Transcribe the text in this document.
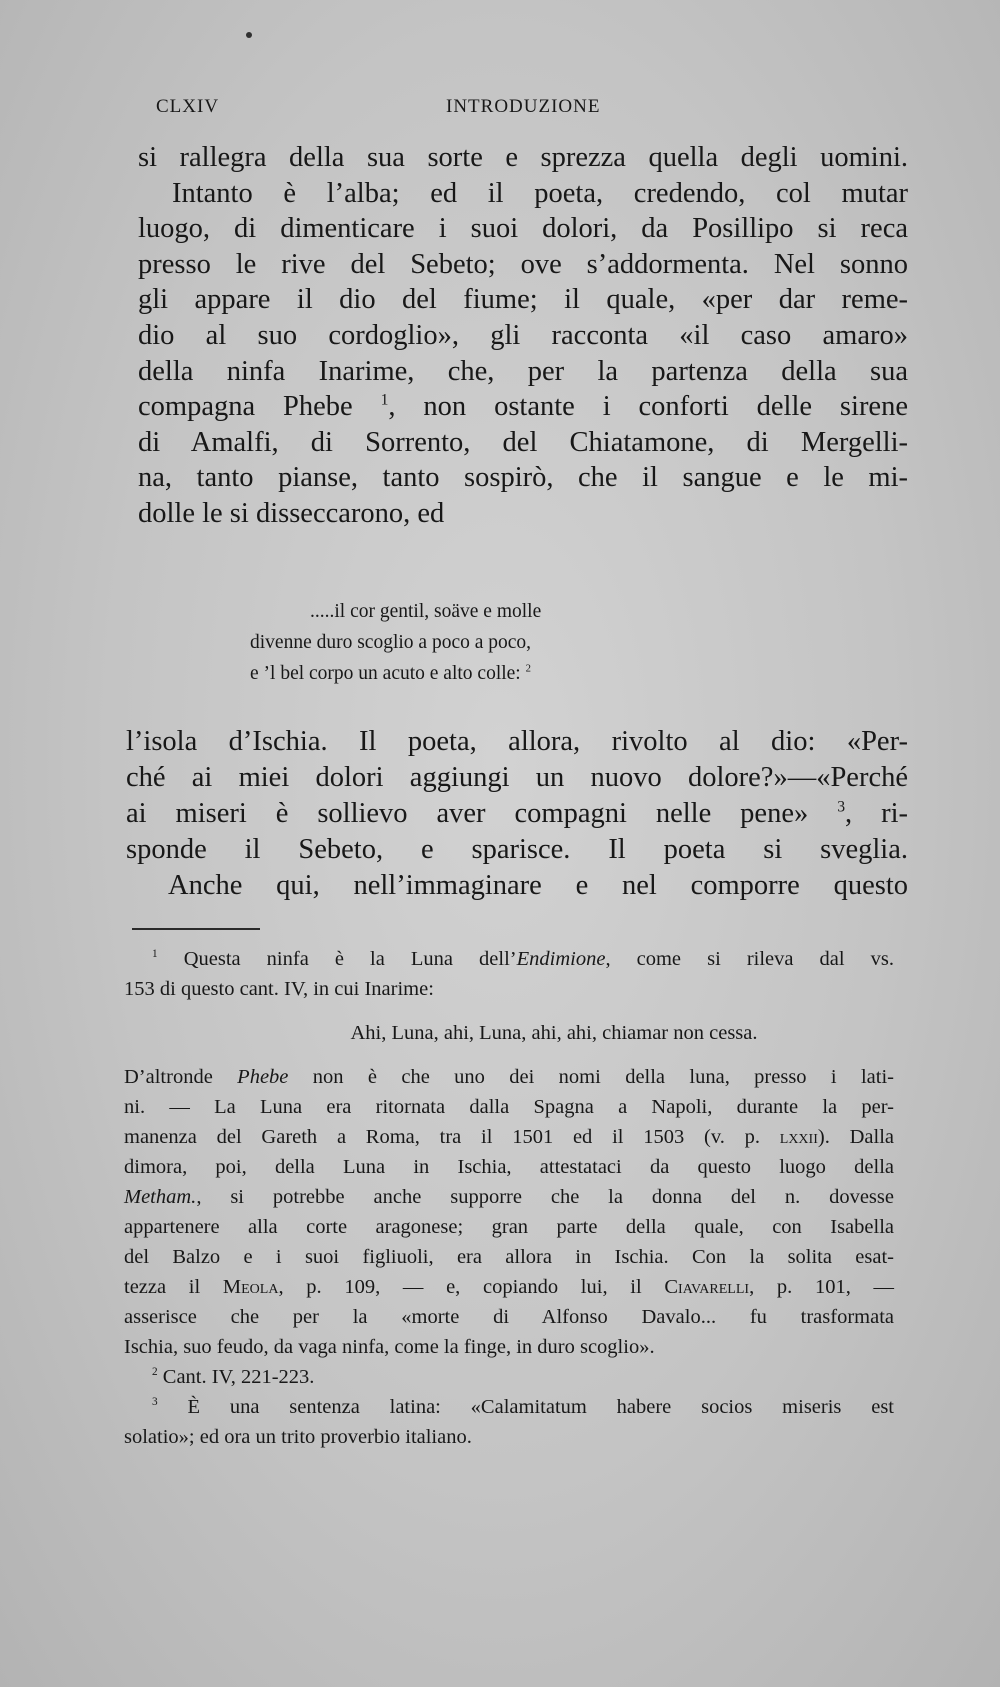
CLXIV	INTRODUZIONE
si rallegra della sua sorte e sprezza quella degli uomini.
Intanto è l’alba; ed il poeta, credendo, col mutar
luogo, di dimenticare i suoi dolori, da Posillipo si reca
presso le rive del Sebeto; ove s’addormenta. Nel sonno
gli appare il dio del fiume; il quale, «per dar reme-
dio al suo cordoglio», gli racconta «il caso amaro»
della ninfa Inarime, che, per la partenza della sua
compagna Phebe $^1$, non ostante i conforti delle sirene
di Amalfi, di Sorrento, del Chiatamone, di Mergelli-
na, tanto pianse, tanto sospirò, che il sangue e le mi-
dolle le si disseccarono, ed
.....il cor gentil, soäve e molle
divenne duro scoglio a poco a poco,
e ’l bel corpo un acuto e alto colle: $^2$
l’isola d’Ischia. Il poeta, allora, rivolto al dio: «Per-
ché ai miei dolori aggiungi un nuovo dolore?»—«Perché
ai miseri è sollievo aver compagni nelle pene» $^3$, ri-
sponde il Sebeto, e sparisce. Il poeta si sveglia.
Anche qui, nell’immaginare e nel comporre questo
$^1$ Questa ninfa è la Luna dell’Endimione, come si rileva dal vs.
153 di questo cant. IV, in cui Inarime:
Ahi, Luna, ahi, Luna, ahi, ahi, chiamar non cessa.
D’altronde Phebe non è che uno dei nomi della luna, presso i lati-
ni. — La Luna era ritornata dalla Spagna a Napoli, durante la per-
manenza del Gareth a Roma, tra il 1501 ed il 1503 (v. p. lxxii). Dalla
dimora, poi, della Luna in Ischia, attestataci da questo luogo della
Metham., si potrebbe anche supporre che la donna del n. dovesse
appartenere alla corte aragonese; gran parte della quale, con Isabella
del Balzo e i suoi figliuoli, era allora in Ischia. Con la solita esat-
tezza il Meola, p. 109, — e, copiando lui, il Ciavarelli, p. 101, —
asserisce che per la «morte di Alfonso Davalo... fu trasformata
Ischia, suo feudo, da vaga ninfa, come la finge, in duro scoglio».
$^2$ Cant. IV, 221-223.
$^3$ È una sentenza latina: «Calamitatum habere socios miseris est
solatio»; ed ora un trito proverbio italiano.
